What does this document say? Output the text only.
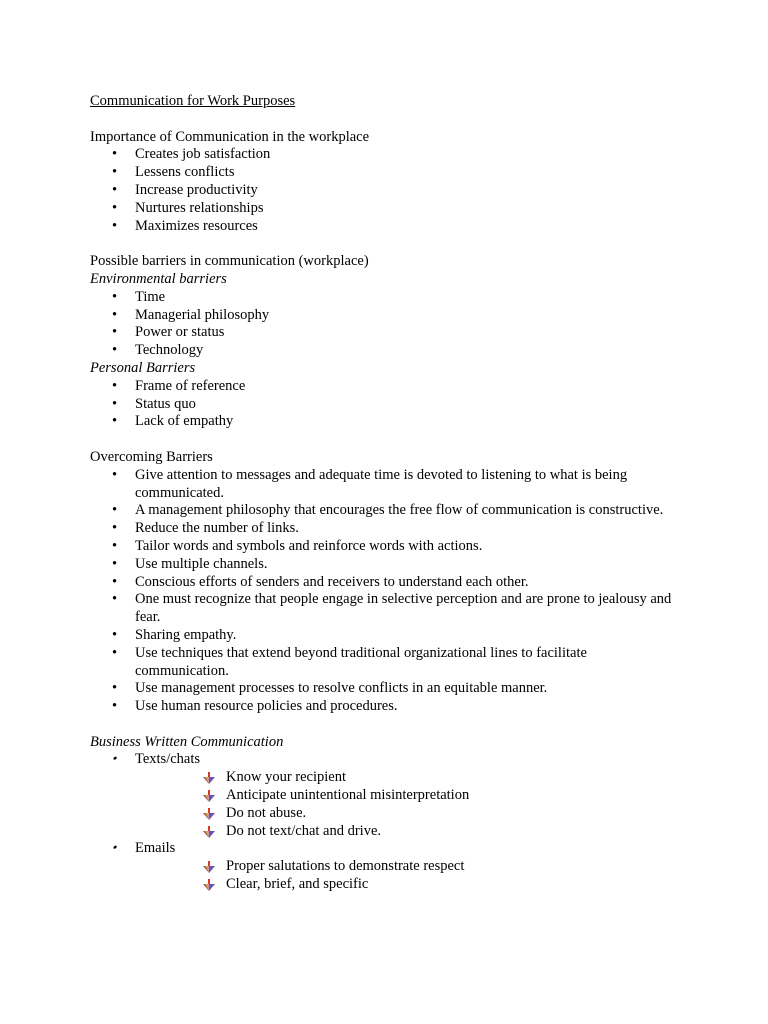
Communication for Work Purposes

Importance of Communication in the workplace

• Creates job satisfaction
• Lessens conflicts
• Increase productivity
• Nurtures relationships
• Maximizes resources

Possible barriers in communication (workplace)

Environmental barriers

• Time
• Managerial philosophy
• Power or status
• Technology

Personal Barriers

• Frame of reference
• Status quo
• Lack of empathy

Overcoming Barriers

• Give attention to messages and adequate time is devoted to listening to what is being communicated.
• A management philosophy that encourages the free flow of communication is constructive.
• Reduce the number of links.
• Tailor words and symbols and reinforce words with actions.
• Use multiple channels.
• Conscious efforts of senders and receivers to understand each other.
• One must recognize that people engage in selective perception and are prone to jealousy and fear.
• Sharing empathy.
• Use techniques that extend beyond traditional organizational lines to facilitate communication.
• Use management processes to resolve conflicts in an equitable manner.
• Use human resource policies and procedures.

Business Written Communication

• Texts/chats
Know your recipient
Anticipate unintentional misinterpretation
Do not abuse.
Do not text/chat and drive.
• Emails
Proper salutations to demonstrate respect
Clear, brief, and specific
